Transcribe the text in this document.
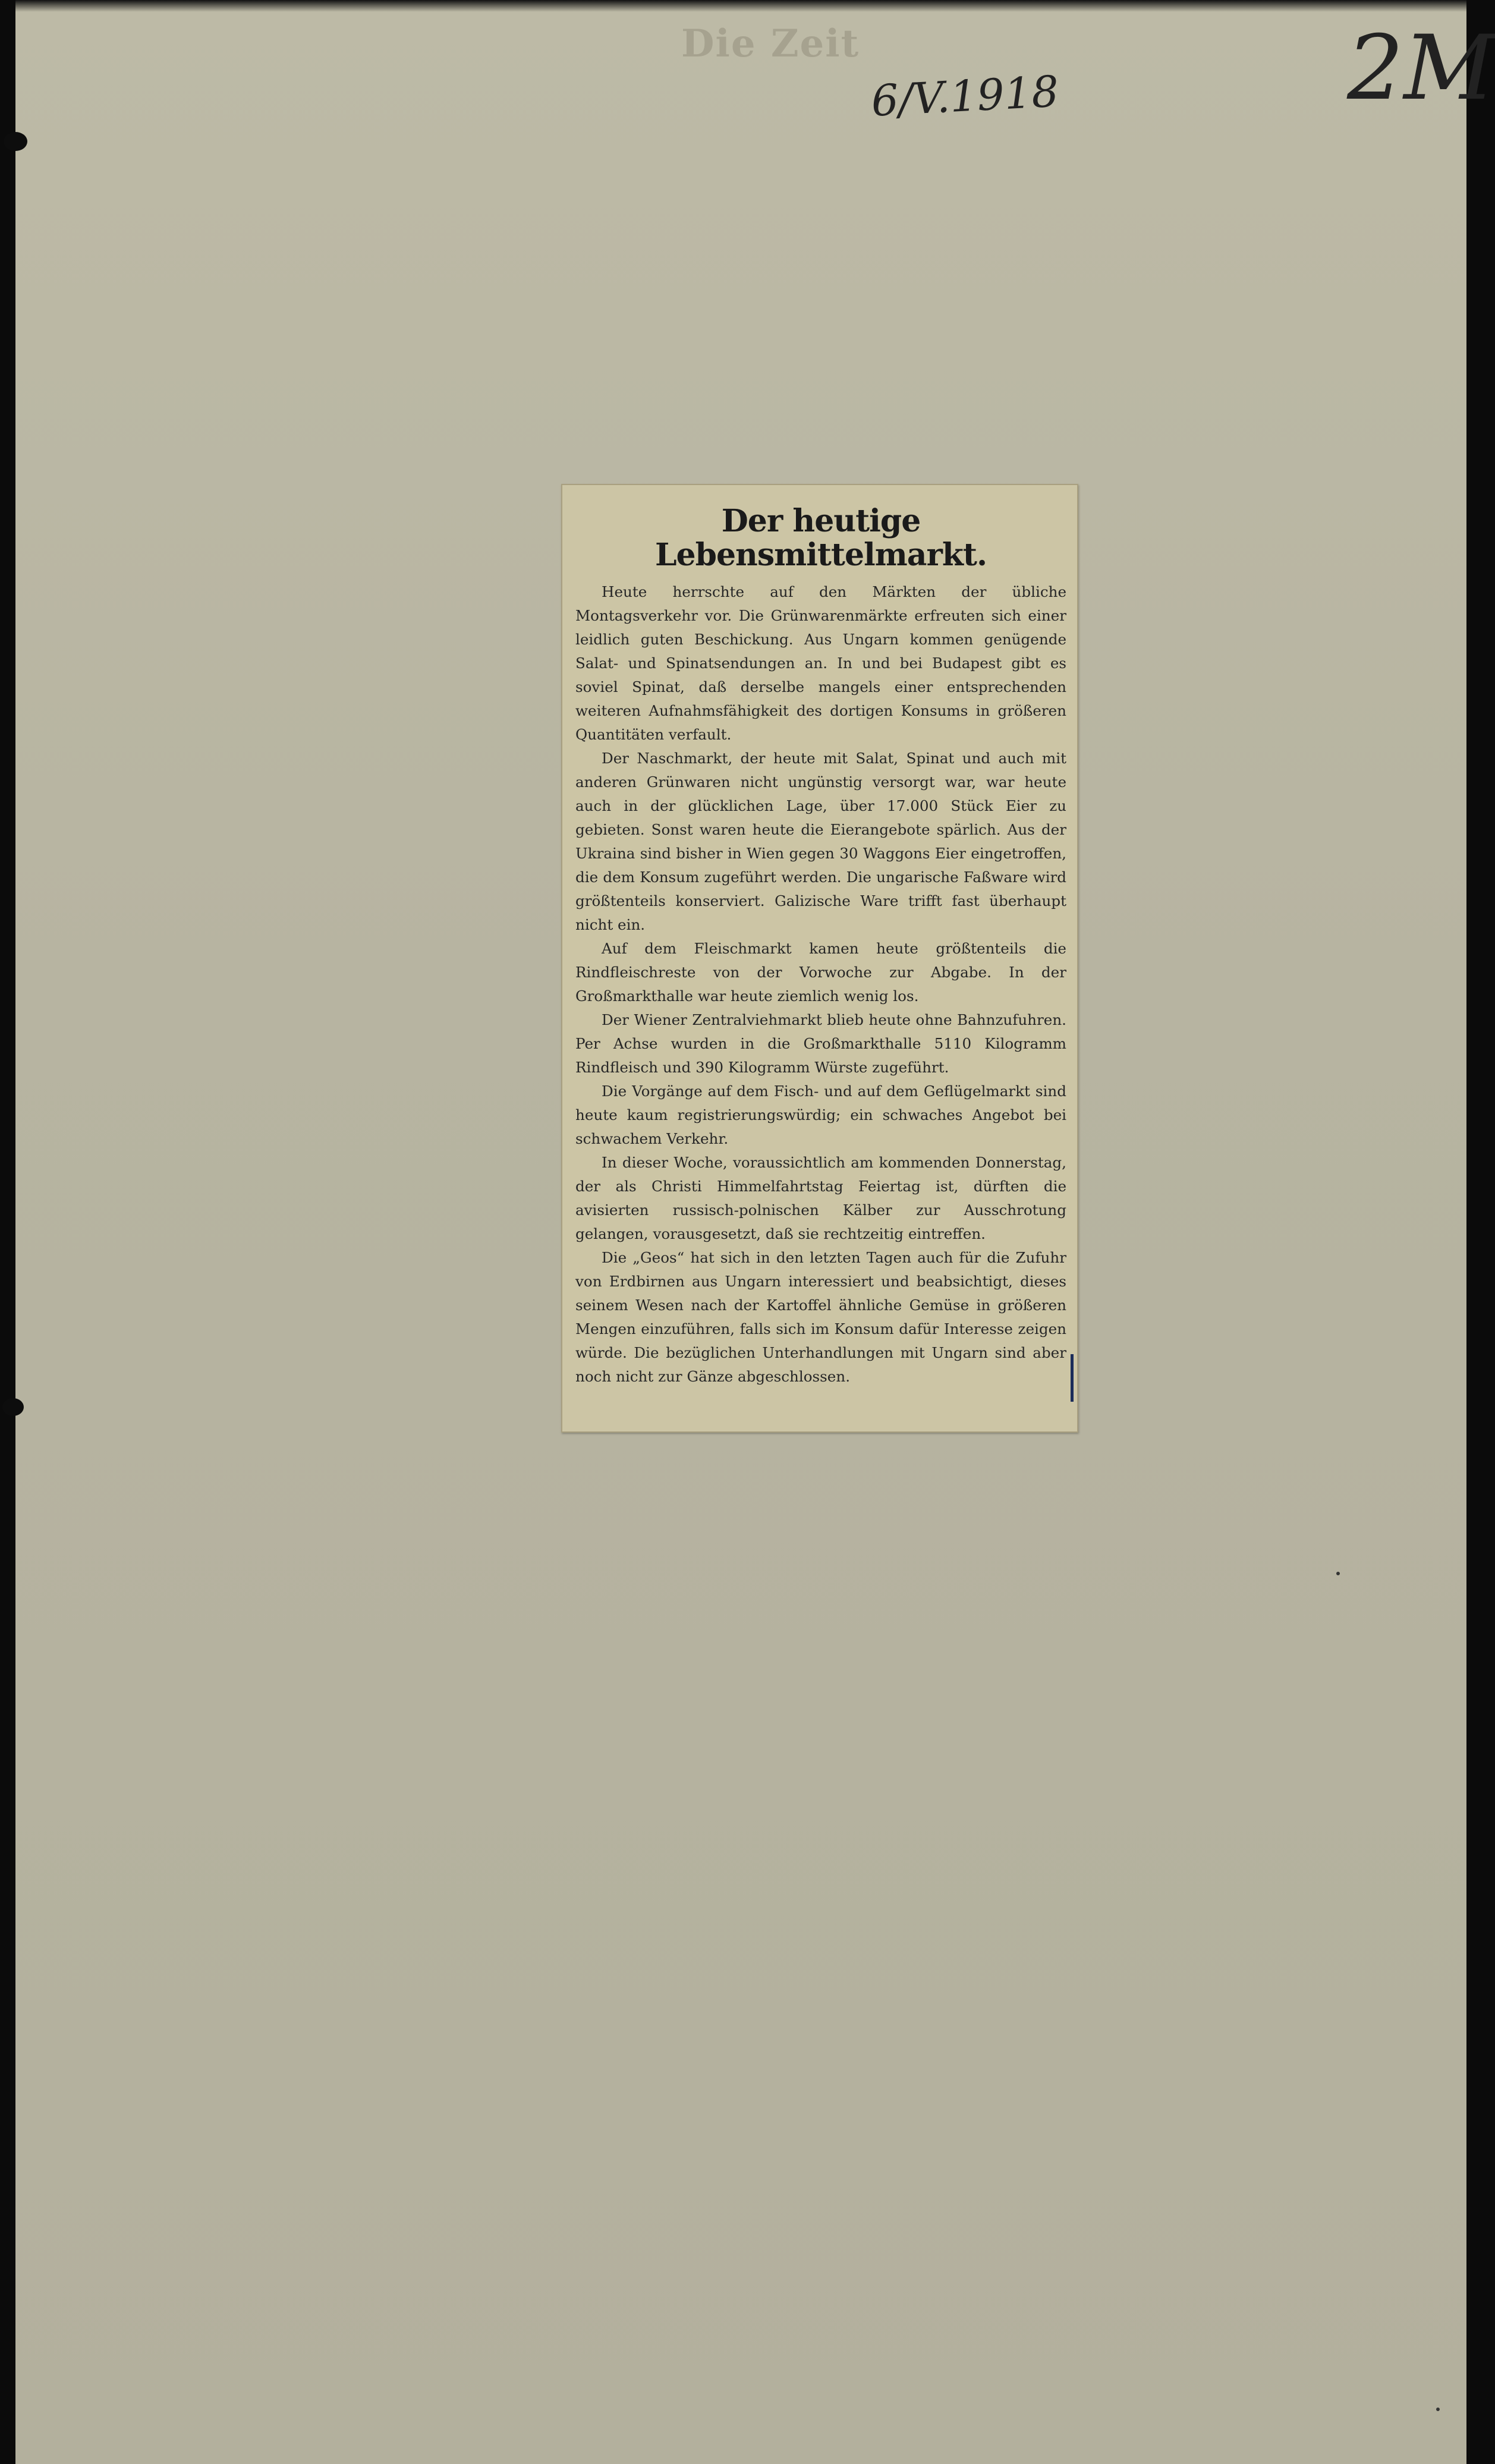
Die Zeit
6/V.1918	2M
Der heutige Lebensmittelmarkt.

Heute herrschte auf den Märkten der übliche Montagsverkehr vor. Die Grünwarenmärkte erfreuten sich einer leidlich guten Beschickung. Aus Ungarn kommen genügende Salat- und Spinatsendungen an. In und bei Budapest gibt es soviel Spinat, daß derselbe mangels einer entsprechenden weiteren Aufnahmsfähigkeit des dortigen Konsums in größeren Quantitäten verfault.

Der Naschmarkt, der heute mit Salat, Spinat und auch mit anderen Grünwaren nicht ungünstig versorgt war, war heute auch in der glücklichen Lage, über 17.000 Stück Eier zu gebieten. Sonst waren heute die Eierangebote spärlich. Aus der Ukraina sind bisher in Wien gegen 30 Waggons Eier eingetroffen, die dem Konsum zugeführt werden. Die ungarische Faßware wird größtenteils konserviert. Galizische Ware trifft fast überhaupt nicht ein.

Auf dem Fleischmarkt kamen heute größtenteils die Rindfleischreste von der Vorwoche zur Abgabe. In der Großmarkthalle war heute ziemlich wenig los.

Der Wiener Zentralviehmarkt blieb heute ohne Bahnzufuhren. Per Achse wurden in die Großmarkthalle 5110 Kilogramm Rindfleisch und 390 Kilogramm Würste zugeführt.

Die Vorgänge auf dem Fisch- und auf dem Geflügelmarkt sind heute kaum registrierungswürdig; ein schwaches Angebot bei schwachem Verkehr.

In dieser Woche, voraussichtlich am kommenden Donnerstag, der als Christi Himmelfahrtstag Feiertag ist, dürften die avisierten russisch-polnischen Kälber zur Ausschrotung gelangen, vorausgesetzt, daß sie rechtzeitig eintreffen.

Die „Geos“ hat sich in den letzten Tagen auch für die Zufuhr von Erdbirnen aus Ungarn interessiert und beabsichtigt, dieses seinem Wesen nach der Kartoffel ähnliche Gemüse in größeren Mengen einzuführen, falls sich im Konsum dafür Interesse zeigen würde. Die bezüglichen Unterhandlungen mit Ungarn sind aber noch nicht zur Gänze abgeschlossen.
